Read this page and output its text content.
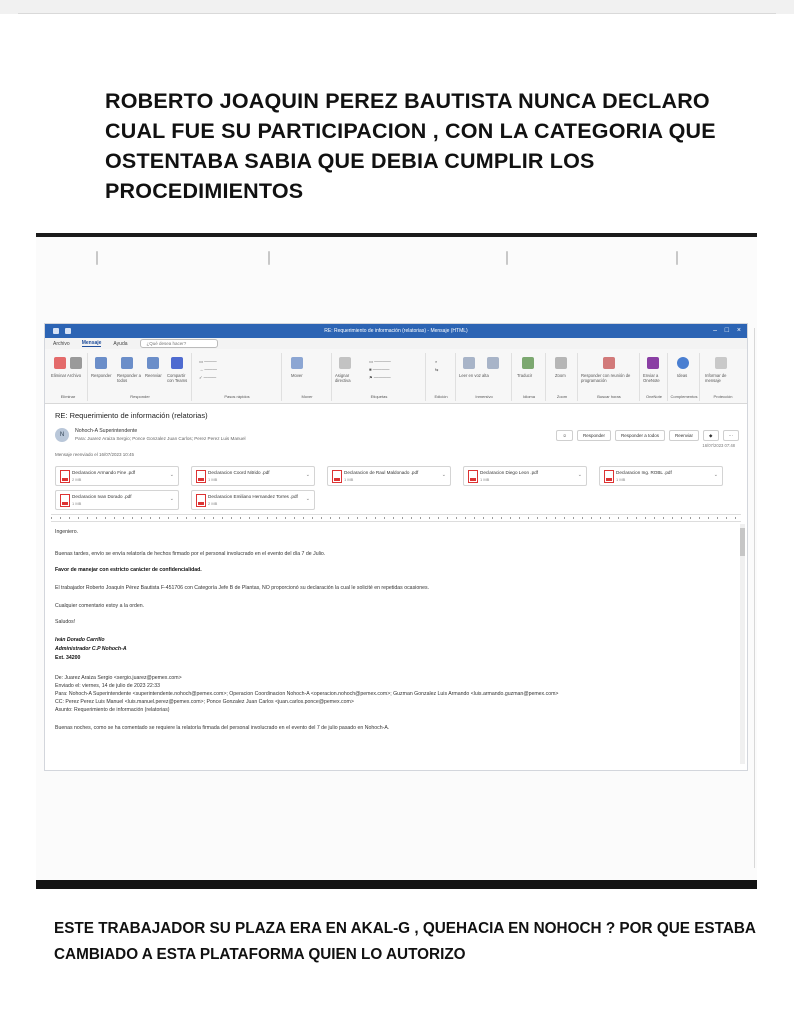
ROBERTO JOAQUIN PEREZ BAUTISTA NUNCA DECLARO CUAL FUE SU PARTICIPACION , CON LA CATEGORIA QUE OSTENTABA SABIA QUE DEBIA CUMPLIR LOS PROCEDIMIENTOS
RE: Requerimiento de información (relatorias) - Mensaje (HTML)	– □ ×
Archivo Mensaje Ayuda	¿Qué desea hacer?
Eliminar Archivo
Eliminar
Responder Responder a todos
Reenviar Compartir con Teams
Responder
▭ ———
→ ———
✓ ———
Pasos rápidos
Mover
Mover
Asignar directiva
▭ ————
■ ————
⚑ ————
Etiquetas
⌕
⇆
Edición
Leer en voz alta
Inmersivo
Traducir
Idioma
Zoom
Zoom
Responder con reunión de programación
Buscar horas
Enviar a OneNote
OneNote
Ideas
Complementos
Informar de mensaje
Protección
RE: Requerimiento de información (relatorias)
N
Nohoch-A Superintendente
Para: Juarez Araiza Sergio; Ponce Gonzalez Juan Carlos; Perez Perez Luis Manuel
☺	Responder	Responder a todos	Reenviar	◆	···
16/07/2023 07:48
Mensaje reenviado el 16/07/2023 10:45
Declaracion Armando Fine .pdf
2 MB
⌄	Declaracion Coord Nitrido .pdf
1 MB
⌄	Declaracion de Raul Maldonado .pdf
1 MB
⌄	Declaracion Diego Leon .pdf
1 MB
⌄	Declaracion Ing. ROBL .pdf
1 MB
⌄
Declaracion Ivan Dorado .pdf
1 MB
⌄	Declaracion Emiliano Hernandez Torres .pdf
2 MB
⌄
Ingeniero.
Buenas tardes, envío se envía relatoría de hechos firmado por el personal involucrado en el evento del día 7 de Julio.
Favor de manejar con estricto carácter de confidencialidad.
El trabajador Roberto Joaquín Pérez Bautista F-451706 con Categoría Jefe B de Plantas, NO proporcionó su declaración la cual le solicité en repetidas ocasiones.
Cualquier comentario estoy a la orden.
Saludos!
Iván Dorado Carrillo
Administrador C.P Nohoch-A
Ext. 34200
De: Juarez Araiza Sergio <sergio.juarez@pemex.com>
Enviado el: viernes, 14 de julio de 2023 22:33
Para: Nohoch-A Superintendente <superintendente.nohoch@pemex.com>; Operacion Coordinacion Nohoch-A <operacion.nohoch@pemex.com>; Guzman Gonzalez Luis Armando <luis.armando.guzman@pemex.com>
CC: Perez Perez Luis Manuel <luis.manuel.perez@pemex.com>; Ponce Gonzalez Juan Carlos <juan.carlos.ponce@pemex.com>
Asunto: Requerimiento de información (relatorias)
Buenas noches, como se ha comentado se requiere la relatoría firmada del personal involucrado en el evento del 7 de julio pasado en Nohoch-A.
ESTE TRABAJADOR SU PLAZA ERA EN AKAL-G , QUEHACIA EN NOHOCH ? POR QUE ESTABA CAMBIADO A ESTA PLATAFORMA QUIEN LO AUTORIZO
